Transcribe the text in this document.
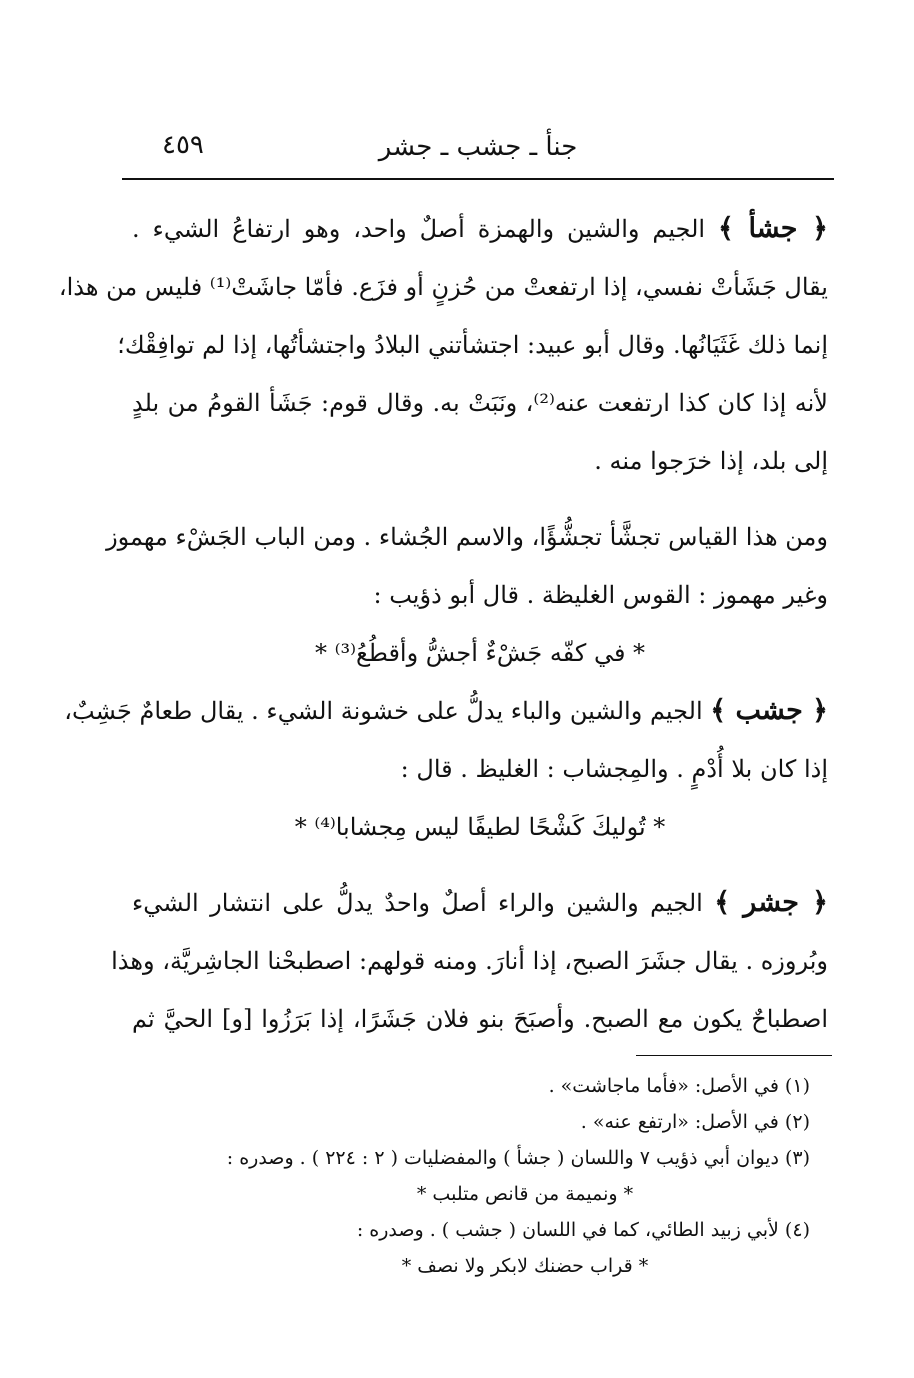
٤٥٩	جنأ ـ جشب ـ جشر
﴿ جشأ ﴾ الجيم والشين والهمزة أصلٌ واحد، وهو ارتفاعُ الشيء .
يقال جَشَأتْ نفسي، إذا ارتفعتْ من حُزنٍ أو فزَع. فأمّا جاشَتْ⁽¹⁾ فليس من هذا،
إنما ذلك غَثَيَانُها. وقال أبو عبيد: اجتشأتني البلادُ واجتشأتُها، إذا لم توافِقْك؛
لأنه إذا كان كذا ارتفعت عنه⁽²⁾، ونَبَتْ به. وقال قوم: جَشَأ القومُ من بلدٍ
إلى بلد، إذا خرَجوا منه .
ومن هذا القياس تجشَّأ تجشُّؤًا، والاسم الجُشاء . ومن الباب الجَشْء مهموز
وغير مهموز : القوس الغليظة . قال أبو ذؤيب :
* في كفّه جَشْءٌ أجشُّ وأقطُعُ⁽³⁾ *
﴿ جشب ﴾ الجيم والشين والباء يدلُّ على خشونة الشيء . يقال طعامٌ جَشِبٌ،
إذا كان بلا أُدْمٍ . والمِجشاب : الغليظ . قال :
* تُوليكَ كَشْحًا لطيفًا ليس مِجشابا⁽⁴⁾ *
﴿ جشر ﴾ الجيم والشين والراء أصلٌ واحدٌ يدلُّ على انتشار الشيء
وبُروزه . يقال جشَرَ الصبح، إذا أنارَ. ومنه قولهم: اصطبحْنا الجاشِريَّة، وهذا
اصطباحٌ يكون مع الصبح. وأصبَحَ بنو فلان جَشَرًا، إذا بَرَزُوا [و] الحيَّ ثم
(١) في الأصل: «فأما ماجاشت» .
(٢) في الأصل: «ارتفع عنه» .
(٣) ديوان أبي ذؤيب ٧ واللسان ( جشأ ) والمفضليات ( ٢ : ٢٢٤ ) . وصدره :
* ونميمة من قانص متلبب *
(٤) لأبي زبيد الطائي، كما في اللسان ( جشب ) . وصدره :
* قراب حضنك لابكر ولا نصف *
